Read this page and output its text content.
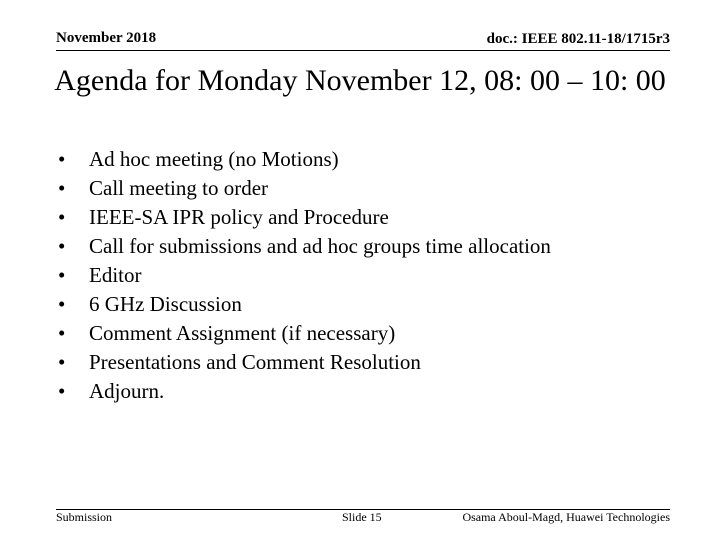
November 2018	doc.: IEEE 802.11-18/1715r3
Agenda for Monday November 12, 08: 00 – 10: 00
• Ad hoc meeting (no Motions)
• Call meeting to order
• IEEE-SA IPR policy and Procedure
• Call for submissions and ad hoc groups time allocation
• Editor
• 6 GHz Discussion
• Comment Assignment (if necessary)
• Presentations and Comment Resolution
• Adjourn.
Submission	Slide 15	Osama Aboul-Magd, Huawei Technologies
